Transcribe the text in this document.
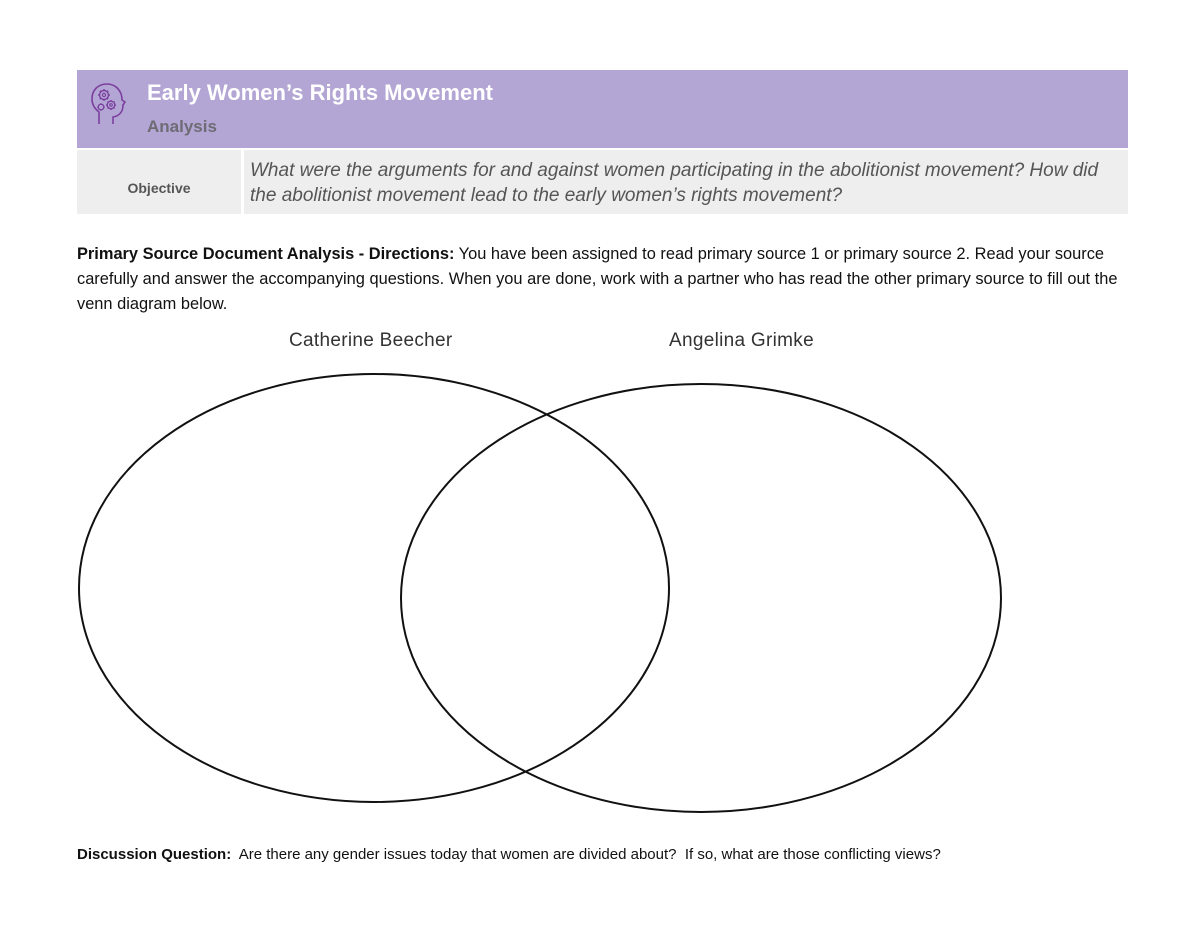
Early Women’s Rights Movement
Analysis
Objective
What were the arguments for and against women participating in the abolitionist movement? How did the abolitionist movement lead to the early women’s rights movement?
Primary Source Document Analysis - Directions: You have been assigned to read primary source 1 or primary source 2. Read your source carefully and answer the accompanying questions. When you are done, work with a partner who has read the other primary source to fill out the venn diagram below.
Catherine Beecher	Angelina Grimke
Discussion Question:  Are there any gender issues today that women are divided about?  If so, what are those conflicting views?
